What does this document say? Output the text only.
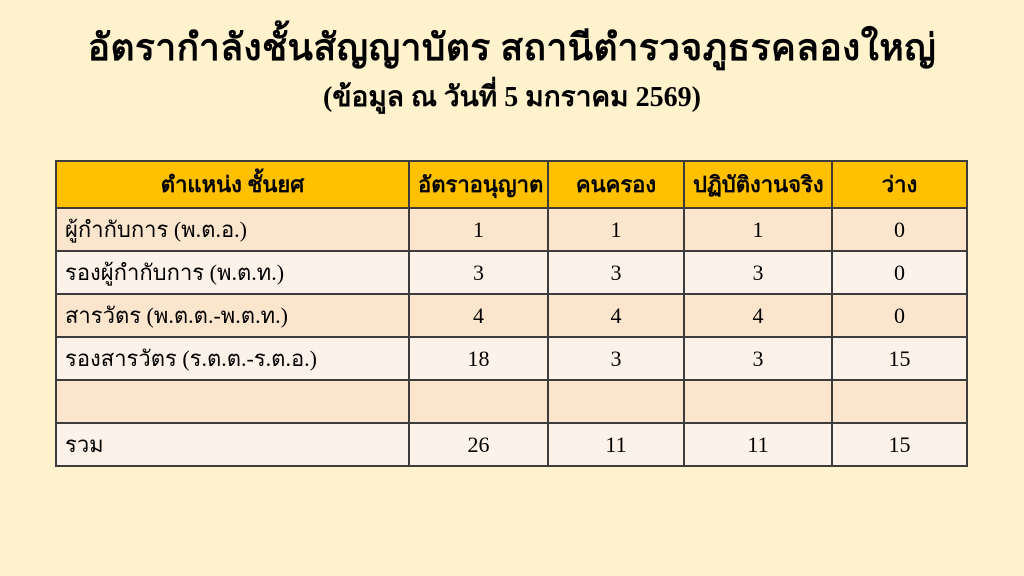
อัตรากำลังชั้นสัญญาบัตร สถานีตำรวจภูธรคลองใหญ่
(ข้อมูล ณ วันที่ 5 มกราคม 2569)
ตำแหน่ง ชั้นยศ	อัตราอนุญาต	คนครอง	ปฏิบัติงานจริง	ว่าง
ผู้กำกับการ (พ.ต.อ.)	1	1	1	0
รองผู้กำกับการ (พ.ต.ท.)	3	3	3	0
สารวัตร (พ.ต.ต.-พ.ต.ท.)	4	4	4	0
รองสารวัตร (ร.ต.ต.-ร.ต.อ.)	18	3	3	15

รวม	26	11	11	15
